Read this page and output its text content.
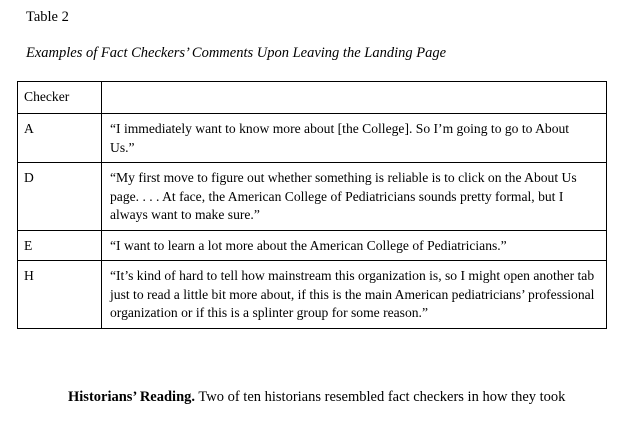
Table 2
Examples of Fact Checkers’ Comments Upon Leaving the Landing Page
Checker	
A	“I immediately want to know more about [the College]. So I’m going to go to About Us.”
D	“My first move to figure out whether something is reliable is to click on the About Us page. . . . At face, the American College of Pediatricians sounds pretty formal, but I always want to make sure.”
E	“I want to learn a lot more about the American College of Pediatricians.”
H	“It’s kind of hard to tell how mainstream this organization is, so I might open another tab just to read a little bit more about, if this is the main American pediatricians’ professional organization or if this is a splinter group for some reason.”

Historians’ Reading. Two of ten historians resembled fact checkers in how they took
